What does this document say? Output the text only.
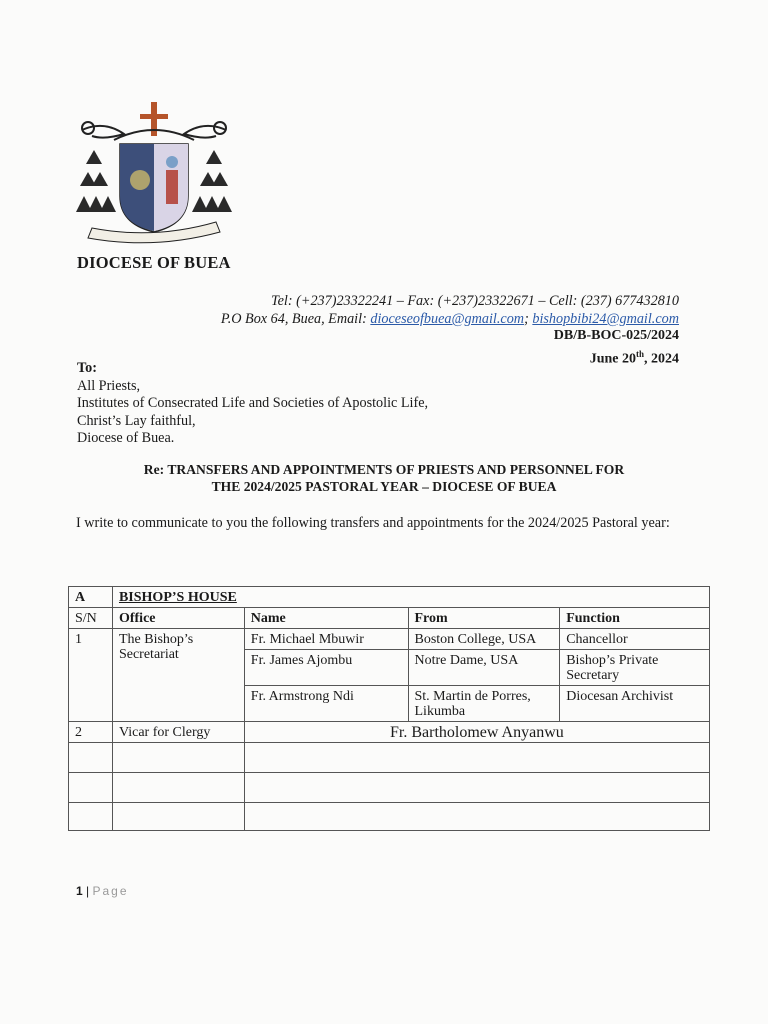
DIOCESE OF BUEA
Tel: (+237)23322241 – Fax: (+237)23322671 – Cell: (237) 677432810
P.O Box 64, Buea, Email: dioceseofbuea@gmail.com; bishopbibi24@gmail.com
DB/B-BOC-025/2024
June 20th, 2024
To:
All Priests,
Institutes of Consecrated Life and Societies of Apostolic Life,
Christ’s Lay faithful,
Diocese of Buea.
Re: TRANSFERS AND APPOINTMENTS OF PRIESTS AND PERSONNEL FOR
THE 2024/2025 PASTORAL YEAR – DIOCESE OF BUEA
I write to communicate to you the following transfers and appointments for the 2024/2025 Pastoral year:
A	BISHOP’S HOUSE			
S/N	Office	Name	From	Function
1	The Bishop’s Secretariat	Fr. Michael Mbuwir	Boston College, USA	Chancellor
		Fr. James Ajombu	Notre Dame, USA	Bishop’s Private Secretary
		Fr. Armstrong Ndi	St. Martin de Porres, Likumba	Diocesan Archivist
2	Vicar for Clergy	Fr. Bartholomew Anyanwu		

1 | Page
